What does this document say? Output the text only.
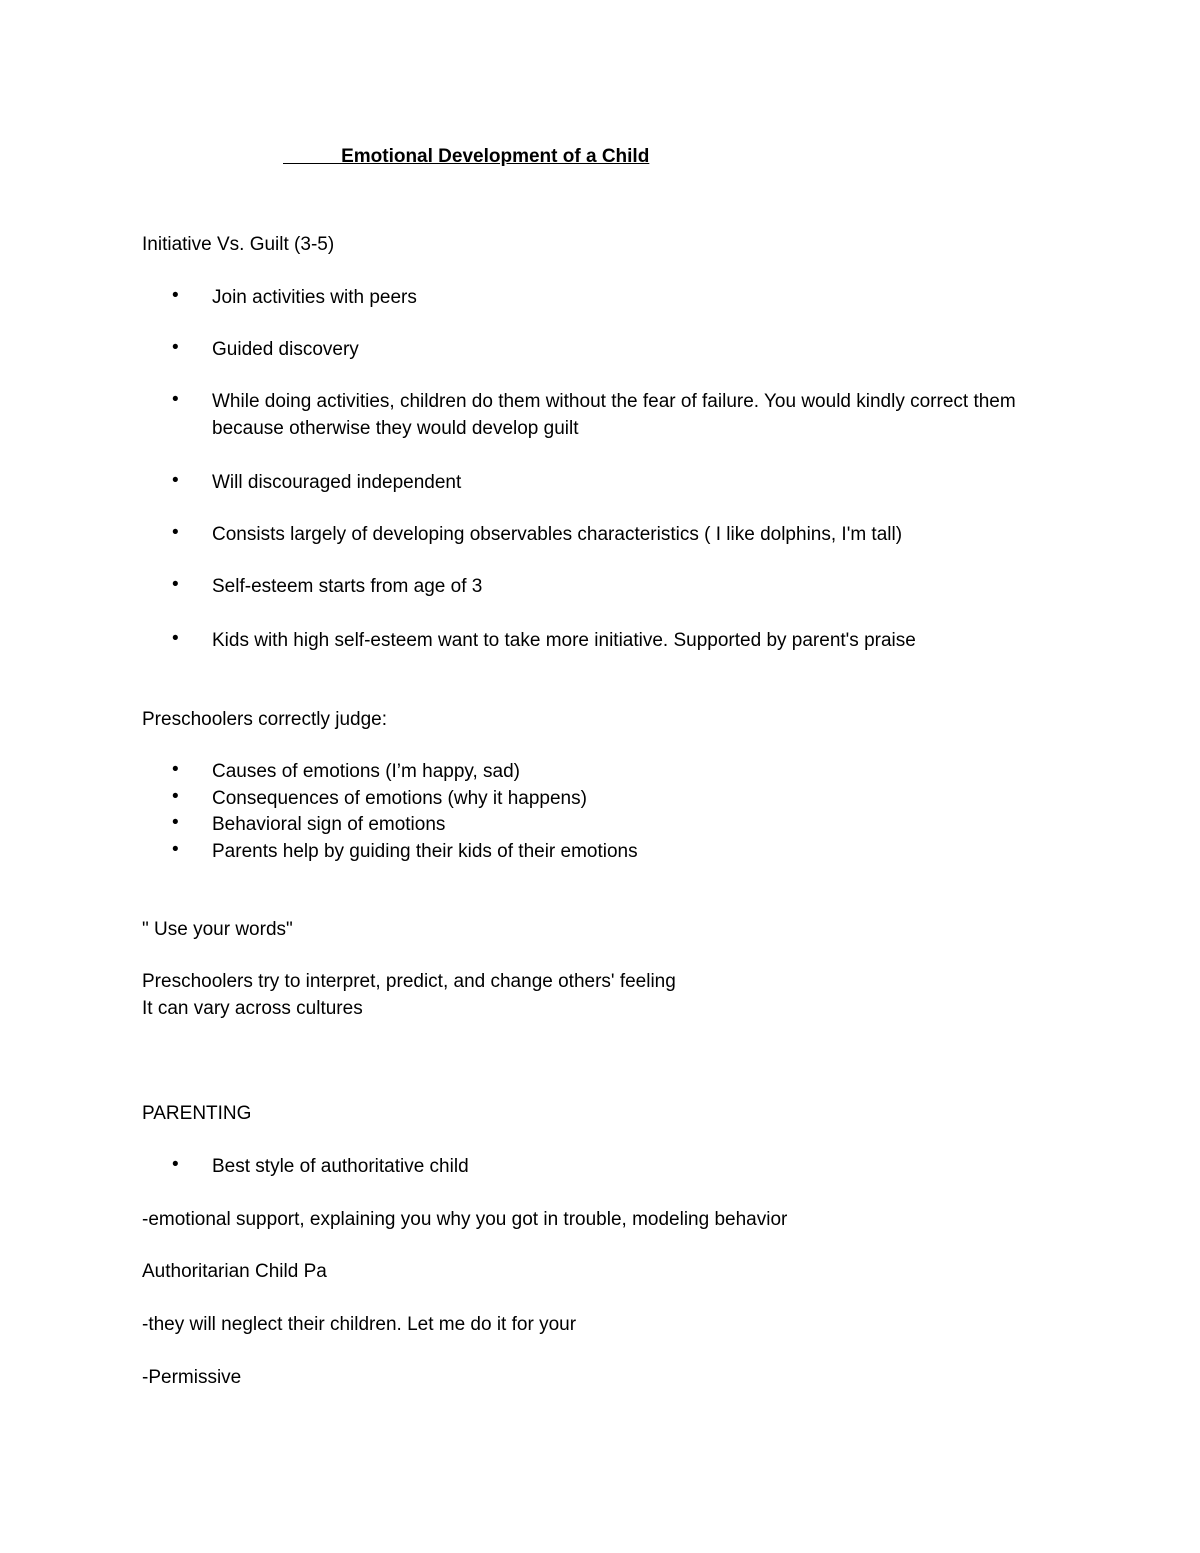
Emotional Development of a Child
Initiative Vs. Guilt (3-5)
•	Join activities with peers
•	Guided discovery
•	While doing activities, children do them without the fear of failure. You would kindly correct them because otherwise they would develop guilt
•	Will discouraged independent
•	Consists largely of developing observables characteristics ( I like dolphins, I'm tall)
•	Self-esteem starts from age of 3
•	Kids with high self-esteem want to take more initiative. Supported by parent's praise
Preschoolers correctly judge:
•	Causes of emotions (I’m happy, sad)
•	Consequences of emotions (why it happens)
•	Behavioral sign of emotions
•	Parents help by guiding their kids of their emotions
" Use your words"
Preschoolers try to interpret, predict, and change others' feeling
It can vary across cultures
PARENTING
•	Best style of authoritative child
-emotional support, explaining you why you got in trouble, modeling behavior
Authoritarian Child Pa
-they will neglect their children. Let me do it for your
-Permissive
